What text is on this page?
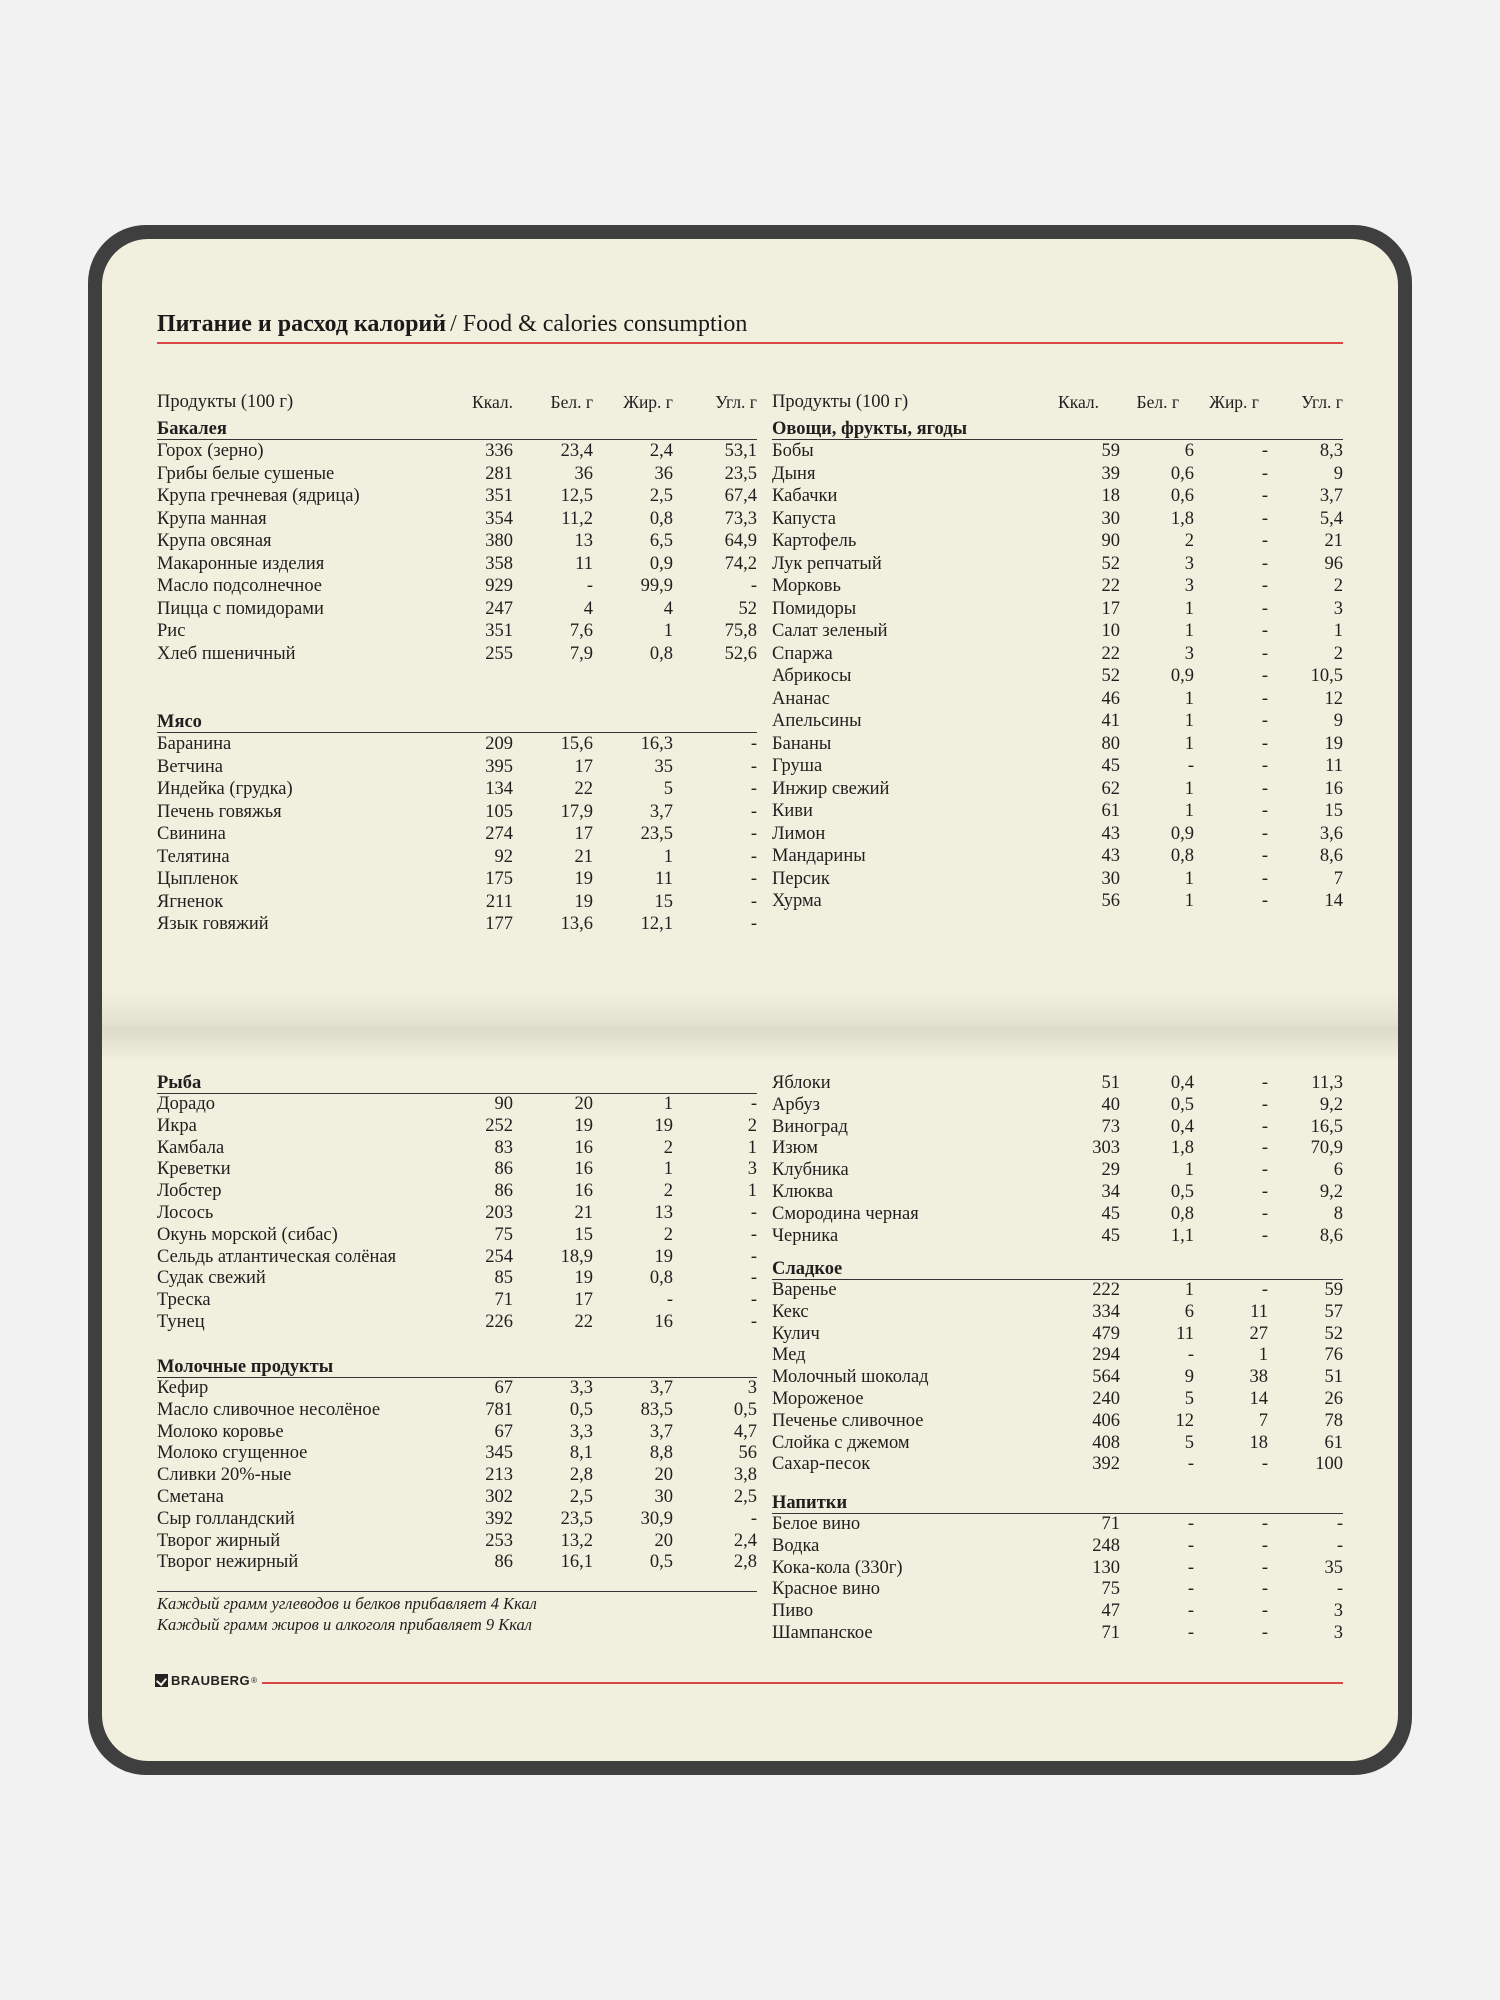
Питание и расход калорий / Food & calories consumption
Продукты (100 г)	Ккал.	Бел. г	Жир. г	Угл. г Продукты (100 г)	Ккал.	Бел. г	Жир. г	Угл. г
Бакалея
Горох (зерно)	336	23,4	2,4	53,1
Грибы белые сушеные	281	36	36	23,5
Крупа гречневая (ядрица)	351	12,5	2,5	67,4
Крупа манная	354	11,2	0,8	73,3
Крупа овсяная	380	13	6,5	64,9
Макаронные изделия	358	11	0,9	74,2
Масло подсолнечное	929	-	99,9	-
Пицца с помидорами	247	4	4	52
Рис	351	7,6	1	75,8
Хлеб пшеничный	255	7,9	0,8	52,6
Мясо
Баранина	209	15,6	16,3	-
Ветчина	395	17	35	-
Индейка (грудка)	134	22	5	-
Печень говяжья	105	17,9	3,7	-
Свинина	274	17	23,5	-
Телятина	92	21	1	-
Цыпленок	175	19	11	-
Ягненок	211	19	15	-
Язык говяжий	177	13,6	12,1	-
Овощи, фрукты, ягоды
Бобы	59	6	-	8,3
Дыня	39	0,6	-	9
Кабачки	18	0,6	-	3,7
Капуста	30	1,8	-	5,4
Картофель	90	2	-	21
Лук репчатый	52	3	-	96
Морковь	22	3	-	2
Помидоры	17	1	-	3
Салат зеленый	10	1	-	1
Спаржа	22	3	-	2
Абрикосы	52	0,9	-	10,5
Ананас	46	1	-	12
Апельсины	41	1	-	9
Бананы	80	1	-	19
Груша	45	-	-	11
Инжир свежий	62	1	-	16
Киви	61	1	-	15
Лимон	43	0,9	-	3,6
Мандарины	43	0,8	-	8,6
Персик	30	1	-	7
Хурма	56	1	-	14
Рыба
Дорадо	90	20	1	-
Икра	252	19	19	2
Камбала	83	16	2	1
Креветки	86	16	1	3
Лобстер	86	16	2	1
Лосось	203	21	13	-
Окунь морской (сибас)	75	15	2	-
Сельдь атлантическая солёная	254	18,9	19	-
Судак свежий	85	19	0,8	-
Треска	71	17	-	-
Тунец	226	22	16	-
Молочные продукты
Кефир	67	3,3	3,7	3
Масло сливочное несолёное	781	0,5	83,5	0,5
Молоко коровье	67	3,3	3,7	4,7
Молоко сгущенное	345	8,1	8,8	56
Сливки 20%-ные	213	2,8	20	3,8
Сметана	302	2,5	30	2,5
Сыр голландский	392	23,5	30,9	-
Творог жирный	253	13,2	20	2,4
Творог нежирный	86	16,1	0,5	2,8
Яблоки	51	0,4	-	11,3
Арбуз	40	0,5	-	9,2
Виноград	73	0,4	-	16,5
Изюм	303	1,8	-	70,9
Клубника	29	1	-	6
Клюква	34	0,5	-	9,2
Смородина черная	45	0,8	-	8
Черника	45	1,1	-	8,6
Сладкое
Варенье	222	1	-	59
Кекс	334	6	11	57
Кулич	479	11	27	52
Мед	294	-	1	76
Молочный шоколад	564	9	38	51
Мороженое	240	5	14	26
Печенье сливочное	406	12	7	78
Слойка с джемом	408	5	18	61
Сахар-песок	392	-	-	100
Напитки
Белое вино	71	-	-	-
Водка	248	-	-	-
Кока-кола (330г)	130	-	-	35
Красное вино	75	-	-	-
Пиво	47	-	-	3
Шампанское	71	-	-	3
Каждый грамм углеводов и белков прибавляет 4 Ккал
Каждый грамм жиров и алкоголя прибавляет 9 Ккал
BRAUBERG ®
